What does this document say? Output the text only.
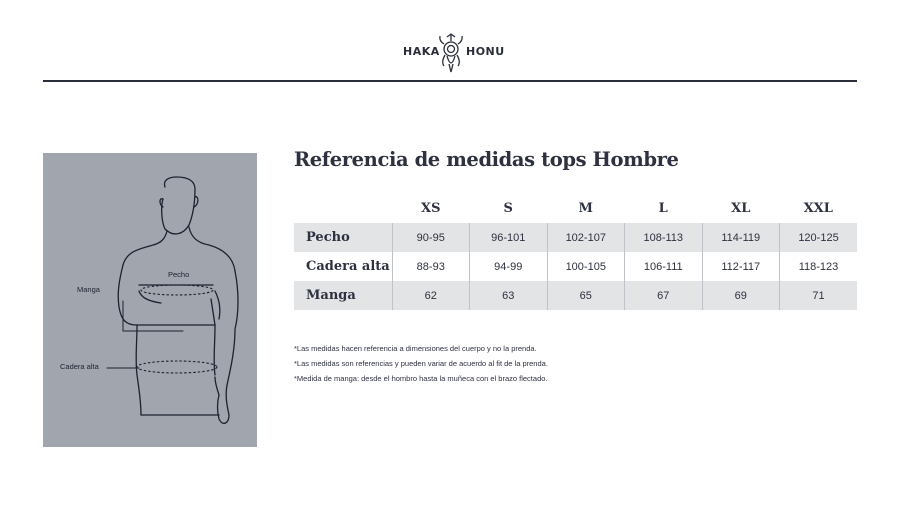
HAKA HONU
Pecho
Manga
Cadera alta
Referencia de medidas tops Hombre
	XS	S	M	L	XL	XXL
Pecho	90-95	96-101	102-107	108-113	114-119	120-125
Cadera alta	88-93	94-99	100-105	106-111	112-117	118-123
Manga	62	63	65	67	69	71
*Las medidas hacen referencia a dimensiones del cuerpo y no la prenda.
*Las medidas son referencias y pueden variar de acuerdo al fit de la prenda.
*Medida de manga: desde el hombro hasta la muñeca con el brazo flectado.
